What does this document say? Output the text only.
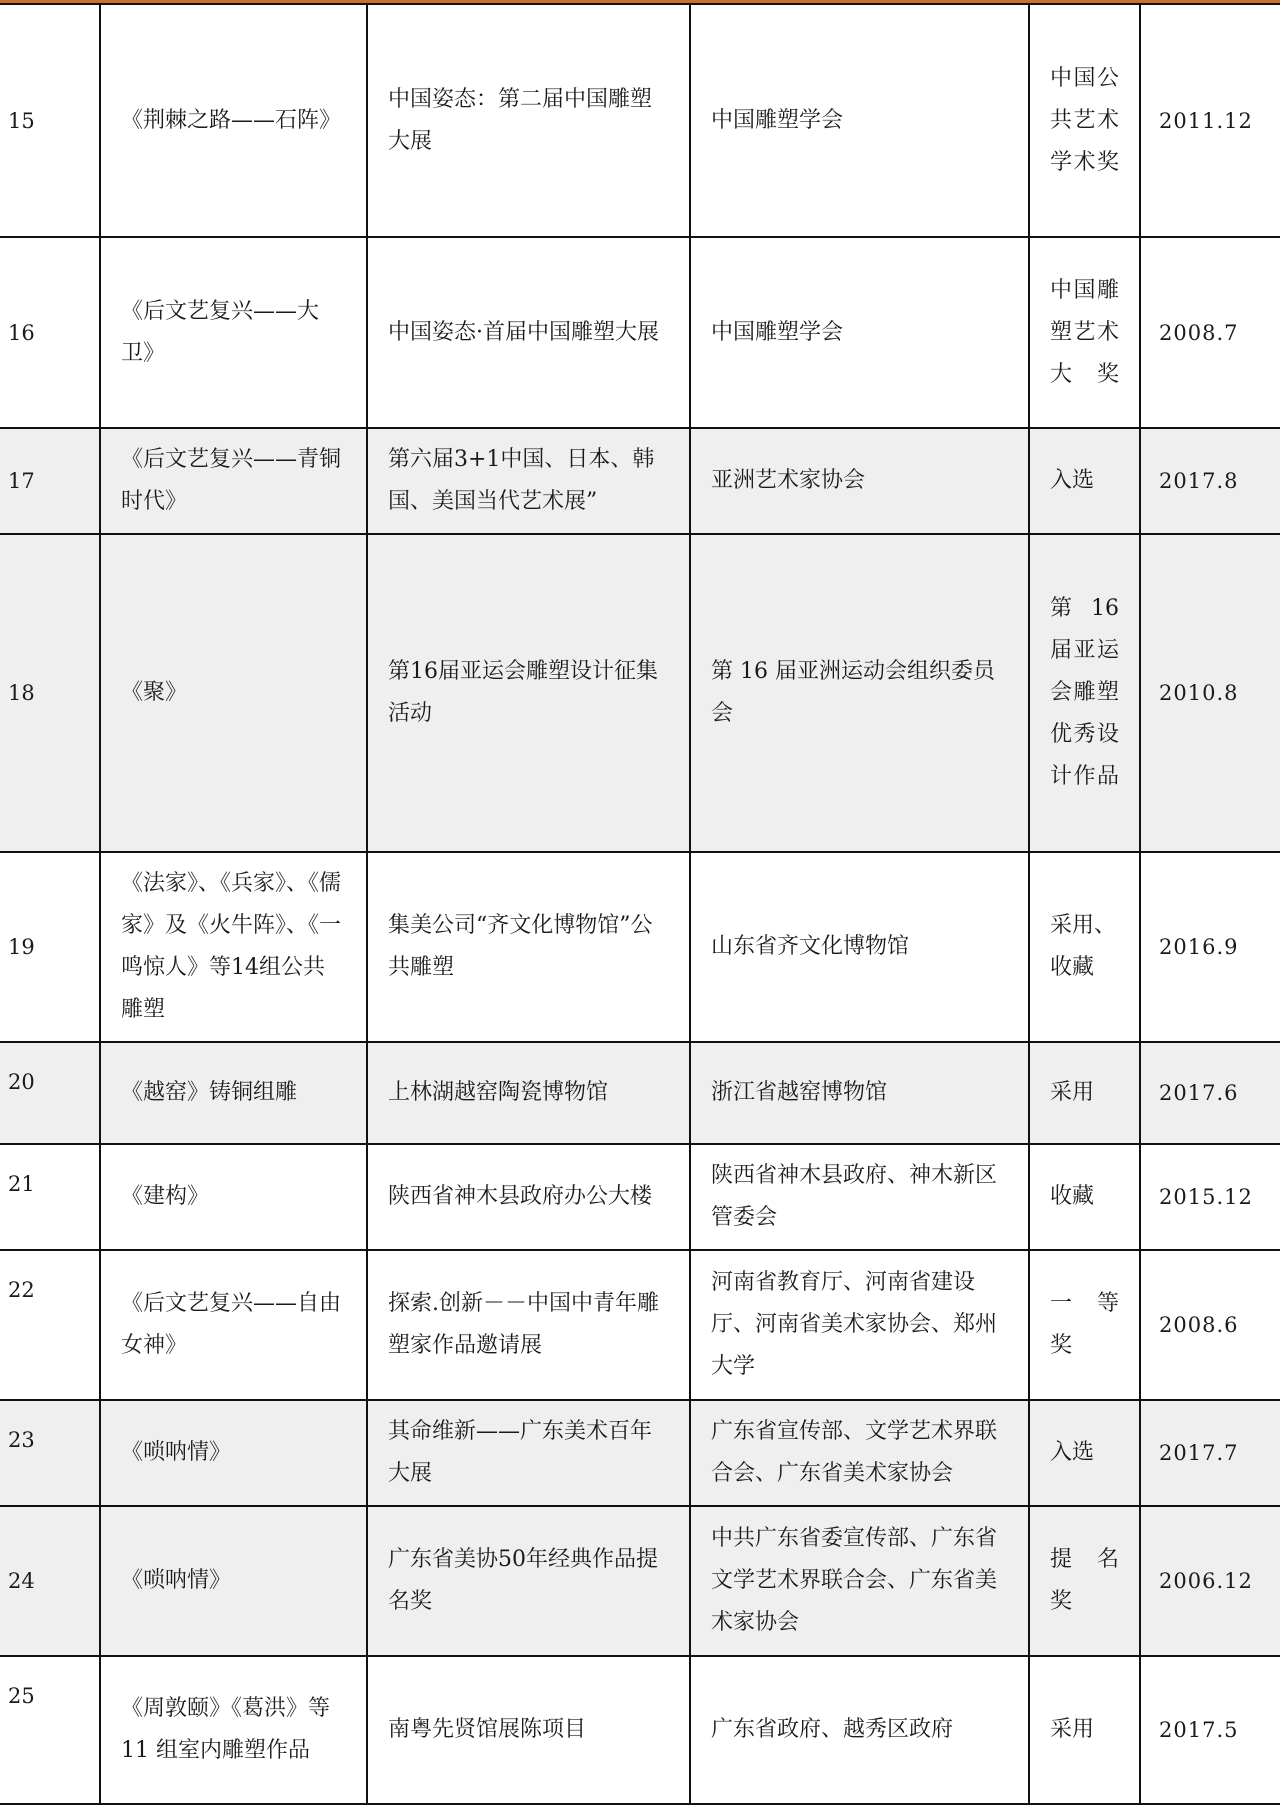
15	《荆棘之路——石阵》	中国姿态：第二届中国雕塑大展	中国雕塑学会	中国公共艺术学术奖	2011.12
16	《后文艺复兴——大卫》	中国姿态·首届中国雕塑大展	中国雕塑学会	中国雕塑艺术大奖	2008.7
17	《后文艺复兴——青铜时代》	第六届3+1中国、日本、韩国、美国当代艺术展”	亚洲艺术家协会	入选	2017.8
18	《聚》	第16届亚运会雕塑设计征集活动	第 16 届亚洲运动会组织委员会	第16届亚运会雕塑优秀设计作品	2010.8
19	《法家》、《兵家》、《儒家》及《火牛阵》、《一鸣惊人》等14组公共雕塑	集美公司“齐文化博物馆”公共雕塑	山东省齐文化博物馆	采用、收藏	2016.9
20	《越窑》铸铜组雕	上林湖越窑陶瓷博物馆	浙江省越窑博物馆	采用	2017.6
21	《建构》	陕西省神木县政府办公大楼	陕西省神木县政府、神木新区管委会	收藏	2015.12
22	《后文艺复兴——自由女神》	探索.创新－－中国中青年雕塑家作品邀请展	河南省教育厅、河南省建设厅、河南省美术家协会、郑州大学	一　等奖	2008.6
23	《唢呐情》	其命维新——广东美术百年大展	广东省宣传部、文学艺术界联合会、广东省美术家协会	入选	2017.7
24	《唢呐情》	广东省美协50年经典作品提名奖	中共广东省委宣传部、广东省文学艺术界联合会、广东省美术家协会	提　名奖	2006.12
25	《周敦颐》《葛洪》等 11 组室内雕塑作品	南粤先贤馆展陈项目	广东省政府、越秀区政府	采用	2017.5
